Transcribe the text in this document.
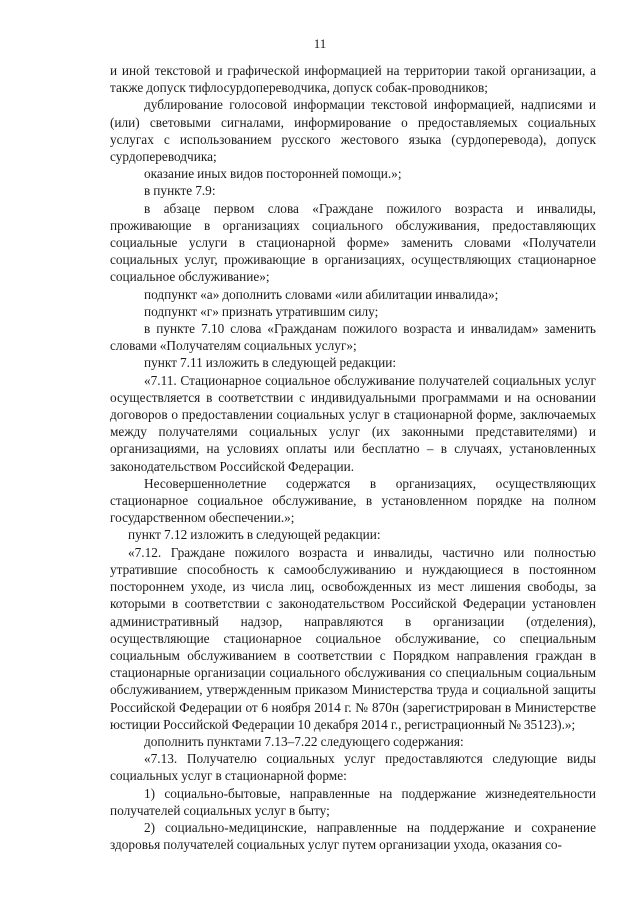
11

и иной текстовой и графической информацией на территории такой организации, а также допуск тифлосурдопереводчика, допуск собак-проводников;

дублирование голосовой информации текстовой информацией, надписями и (или) световыми сигналами, информирование о предоставляемых социальных услугах с использованием русского жестового языка (сурдоперевода), допуск сурдопереводчика;

оказание иных видов посторонней помощи.»;

в пункте 7.9:

в абзаце первом слова «Граждане пожилого возраста и инвалиды, проживающие в организациях социального обслуживания, предоставляющих социальные услуги в стационарной форме» заменить словами «Получатели социальных услуг, проживающие в организациях, осуществляющих стационарное социальное обслуживание»;

подпункт «а» дополнить словами «или абилитации инвалида»;

подпункт «г» признать утратившим силу;

в пункте 7.10 слова «Гражданам пожилого возраста и инвалидам» заменить словами «Получателям социальных услуг»;

пункт 7.11 изложить в следующей редакции:

«7.11. Стационарное социальное обслуживание получателей социальных услуг осуществляется в соответствии с индивидуальными программами и на основании договоров о предоставлении социальных услуг в стационарной форме, заключаемых между получателями социальных услуг (их законными представителями) и организациями, на условиях оплаты или бесплатно – в случаях, установленных законодательством Российской Федерации.

Несовершеннолетние содержатся в организациях, осуществляющих стационарное социальное обслуживание, в установленном порядке на полном государственном обеспечении.»;

пункт 7.12 изложить в следующей редакции:

«7.12. Граждане пожилого возраста и инвалиды, частично или полностью утратившие способность к самообслуживанию и нуждающиеся в постоянном постороннем уходе, из числа лиц, освобожденных из мест лишения свободы, за которыми в соответствии с законодательством Российской Федерации установлен административный надзор, направляются в организации (отделения), осуществляющие стационарное социальное обслуживание, со специальным социальным обслуживанием в соответствии с Порядком направления граждан в стационарные организации социального обслуживания со специальным социальным обслуживанием, утвержденным приказом Министерства труда и социальной защиты Российской Федерации от 6 ноября 2014 г. № 870н (зарегистрирован в Министерстве юстиции Российской Федерации 10 декабря 2014 г., регистрационный № 35123).»;

дополнить пунктами 7.13–7.22 следующего содержания:

«7.13. Получателю социальных услуг предоставляются следующие виды социальных услуг в стационарной форме:

1) социально-бытовые, направленные на поддержание жизнедеятельности получателей социальных услуг в быту;

2) социально-медицинские, направленные на поддержание и сохранение здоровья получателей социальных услуг путем организации ухода, оказания со-
